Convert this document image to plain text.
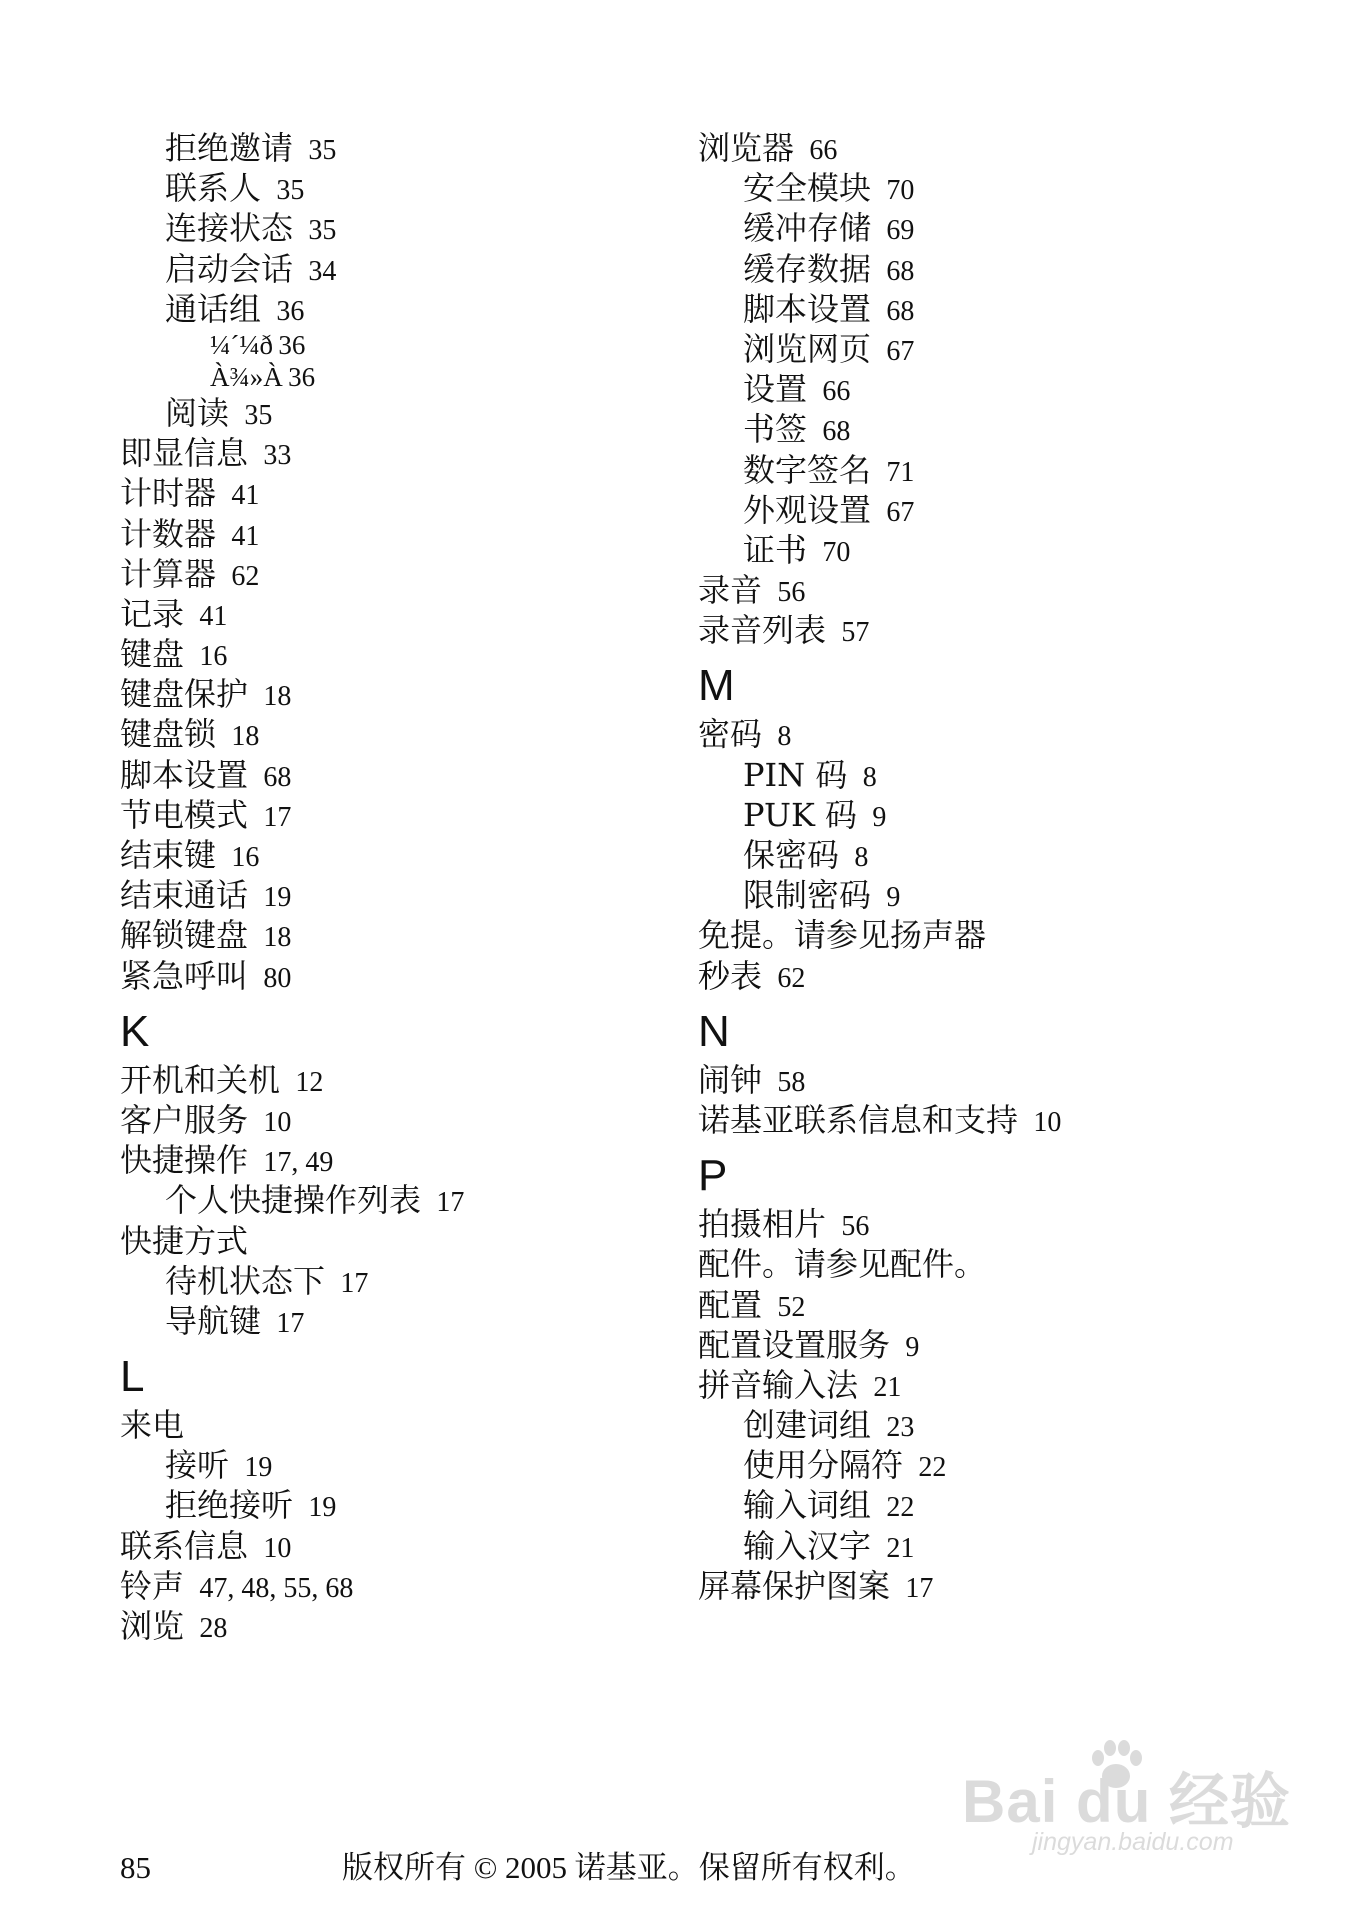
拒绝邀请 35
联系人 35
连接状态 35
启动会话 34
通话组 36
¼´¼ð 36
À¾»À 36
阅读 35
即显信息 33
计时器 41
计数器 41
计算器 62
记录 41
键盘 16
键盘保护 18
键盘锁 18
脚本设置 68
节电模式 17
结束键 16
结束通话 19
解锁键盘 18
紧急呼叫 80
K
开机和关机 12
客户服务 10
快捷操作 17, 49
个人快捷操作列表 17
快捷方式
待机状态下 17
导航键 17
L
来电
接听 19
拒绝接听 19
联系信息 10
铃声 47, 48, 55, 68
浏览 28
浏览器 66
安全模块 70
缓冲存储 69
缓存数据 68
脚本设置 68
浏览网页 67
设置 66
书签 68
数字签名 71
外观设置 67
证书 70
录音 56
录音列表 57
M
密码 8
PIN 码 8
PUK 码 9
保密码 8
限制密码 9
免提。请参见扬声器
秒表 62
N
闹钟 58
诺基亚联系信息和支持 10
P
拍摄相片 56
配件。请参见配件。
配置 52
配置设置服务 9
拼音输入法 21
创建词组 23
使用分隔符 22
输入词组 22
输入汉字 21
屏幕保护图案 17
85	版权所有 © 2005 诺基亚。保留所有权利。
Bai du 经验
jingyan.baidu.com
